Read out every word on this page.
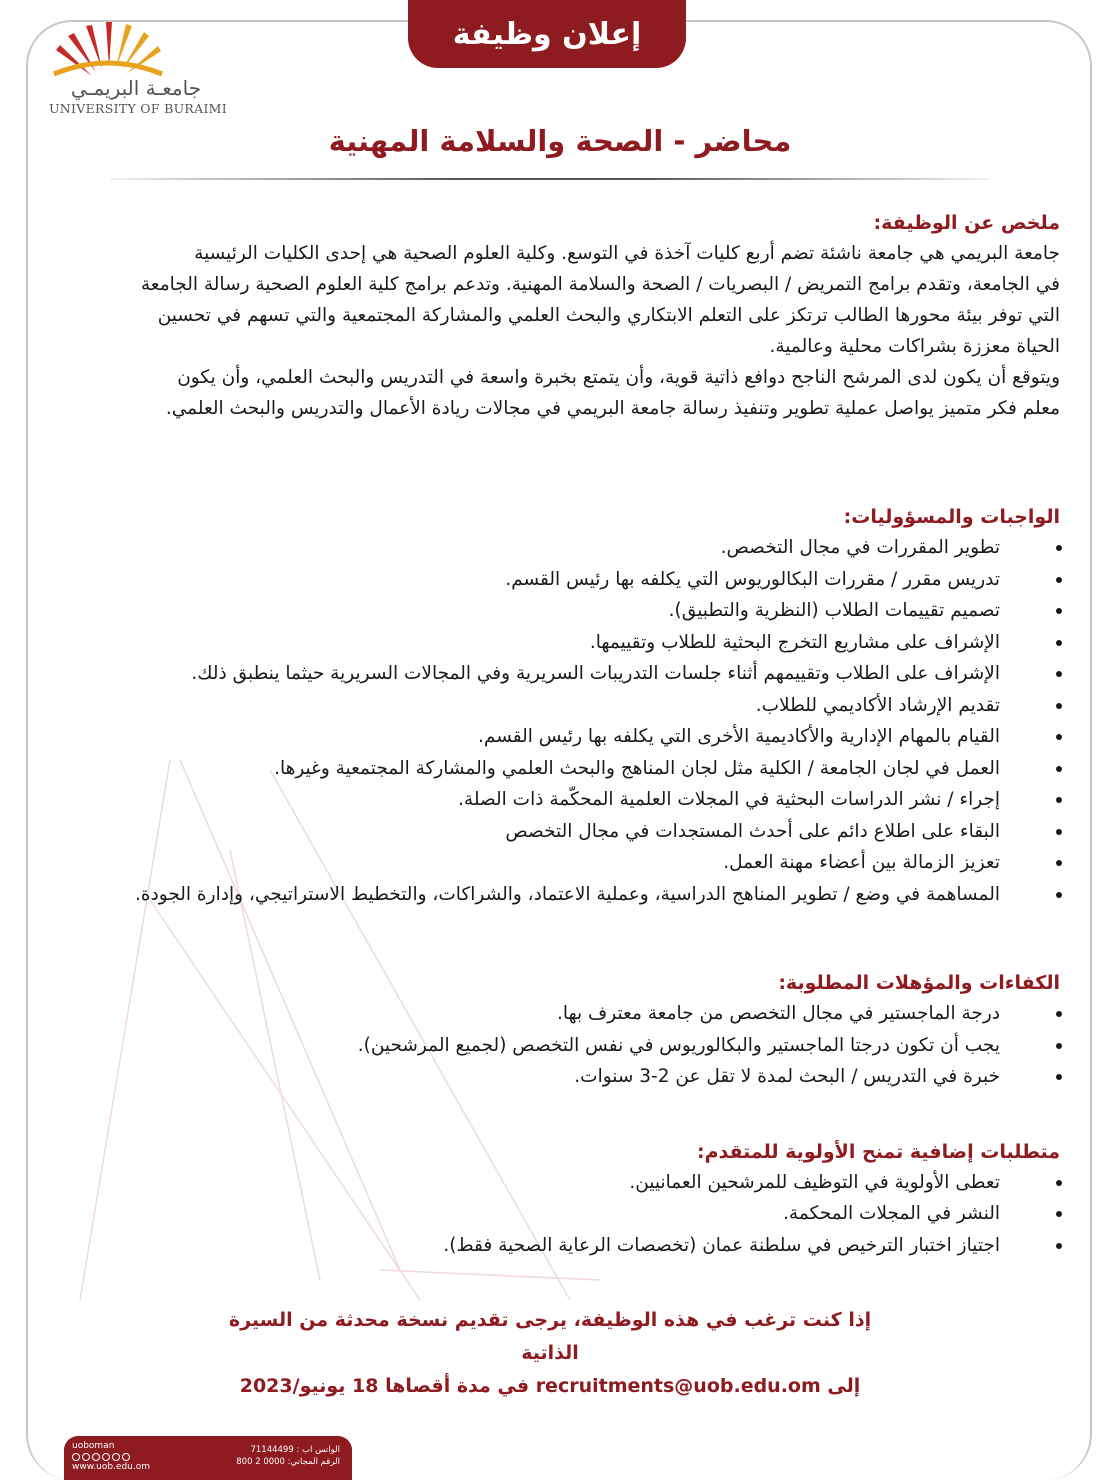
إعلان وظيفة
جامعـة البريمـي
UNIVERSITY OF BURAIMI
محاضر - الصحة والسلامة المهنية
ملخص عن الوظيفة:
جامعة البريمي هي جامعة ناشئة تضم أربع كليات آخذة في التوسع. وكلية العلوم الصحية هي إحدى الكليات الرئيسية
في الجامعة، وتقدم برامج التمريض / البصريات / الصحة والسلامة المهنية. وتدعم برامج كلية العلوم الصحية رسالة الجامعة
التي توفر بيئة محورها الطالب ترتكز على التعلم الابتكاري والبحث العلمي والمشاركة المجتمعية والتي تسهم في تحسين
الحياة معززة بشراكات محلية وعالمية.
ويتوقع أن يكون لدى المرشح الناجح دوافع ذاتية قوية، وأن يتمتع بخبرة واسعة في التدريس والبحث العلمي، وأن يكون
معلم فكر متميز يواصل عملية تطوير وتنفيذ رسالة جامعة البريمي في مجالات ريادة الأعمال والتدريس والبحث العلمي.
الواجبات والمسؤوليات:
تطوير المقررات في مجال التخصص.
تدريس مقرر / مقررات البكالوريوس التي يكلفه بها رئيس القسم.
تصميم تقييمات الطلاب (النظرية والتطبيق).
الإشراف على مشاريع التخرج البحثية للطلاب وتقييمها.
الإشراف على الطلاب وتقييمهم أثناء جلسات التدريبات السريرية وفي المجالات السريرية حيثما ينطبق ذلك.
تقديم الإرشاد الأكاديمي للطلاب.
القيام بالمهام الإدارية والأكاديمية الأخرى التي يكلفه بها رئيس القسم.
العمل في لجان الجامعة / الكلية مثل لجان المناهج والبحث العلمي والمشاركة المجتمعية وغيرها.
إجراء / نشر الدراسات البحثية في المجلات العلمية المحكّمة ذات الصلة.
البقاء على اطلاع دائم على أحدث المستجدات في مجال التخصص
تعزيز الزمالة بين أعضاء مهنة العمل.
المساهمة في وضع / تطوير المناهج الدراسية، وعملية الاعتماد، والشراكات، والتخطيط الاستراتيجي، وإدارة الجودة.
الكفاءات والمؤهلات المطلوبة:
درجة الماجستير في مجال التخصص من جامعة معترف بها.
يجب أن تكون درجتا الماجستير والبكالوريوس في نفس التخصص (لجميع المرشحين).
خبرة في التدريس / البحث لمدة لا تقل عن 2-3 سنوات.
متطلبات إضافية تمنح الأولوية للمتقدم:
تعطى الأولوية في التوظيف للمرشحين العمانيين.
النشر في المجلات المحكمة.
اجتياز اختبار الترخيص في سلطنة عمان (تخصصات الرعاية الصحية فقط).
إذا كنت ترغب في هذه الوظيفة، يرجى تقديم نسخة محدثة من السيرة الذاتية
إلى recruitments@uob.edu.om في مدة أقصاها 18 يونيو/2023
uoboman
www.uob.edu.om
الواتس اب : 71144499
الرقم المجاني: 0000 2 800
